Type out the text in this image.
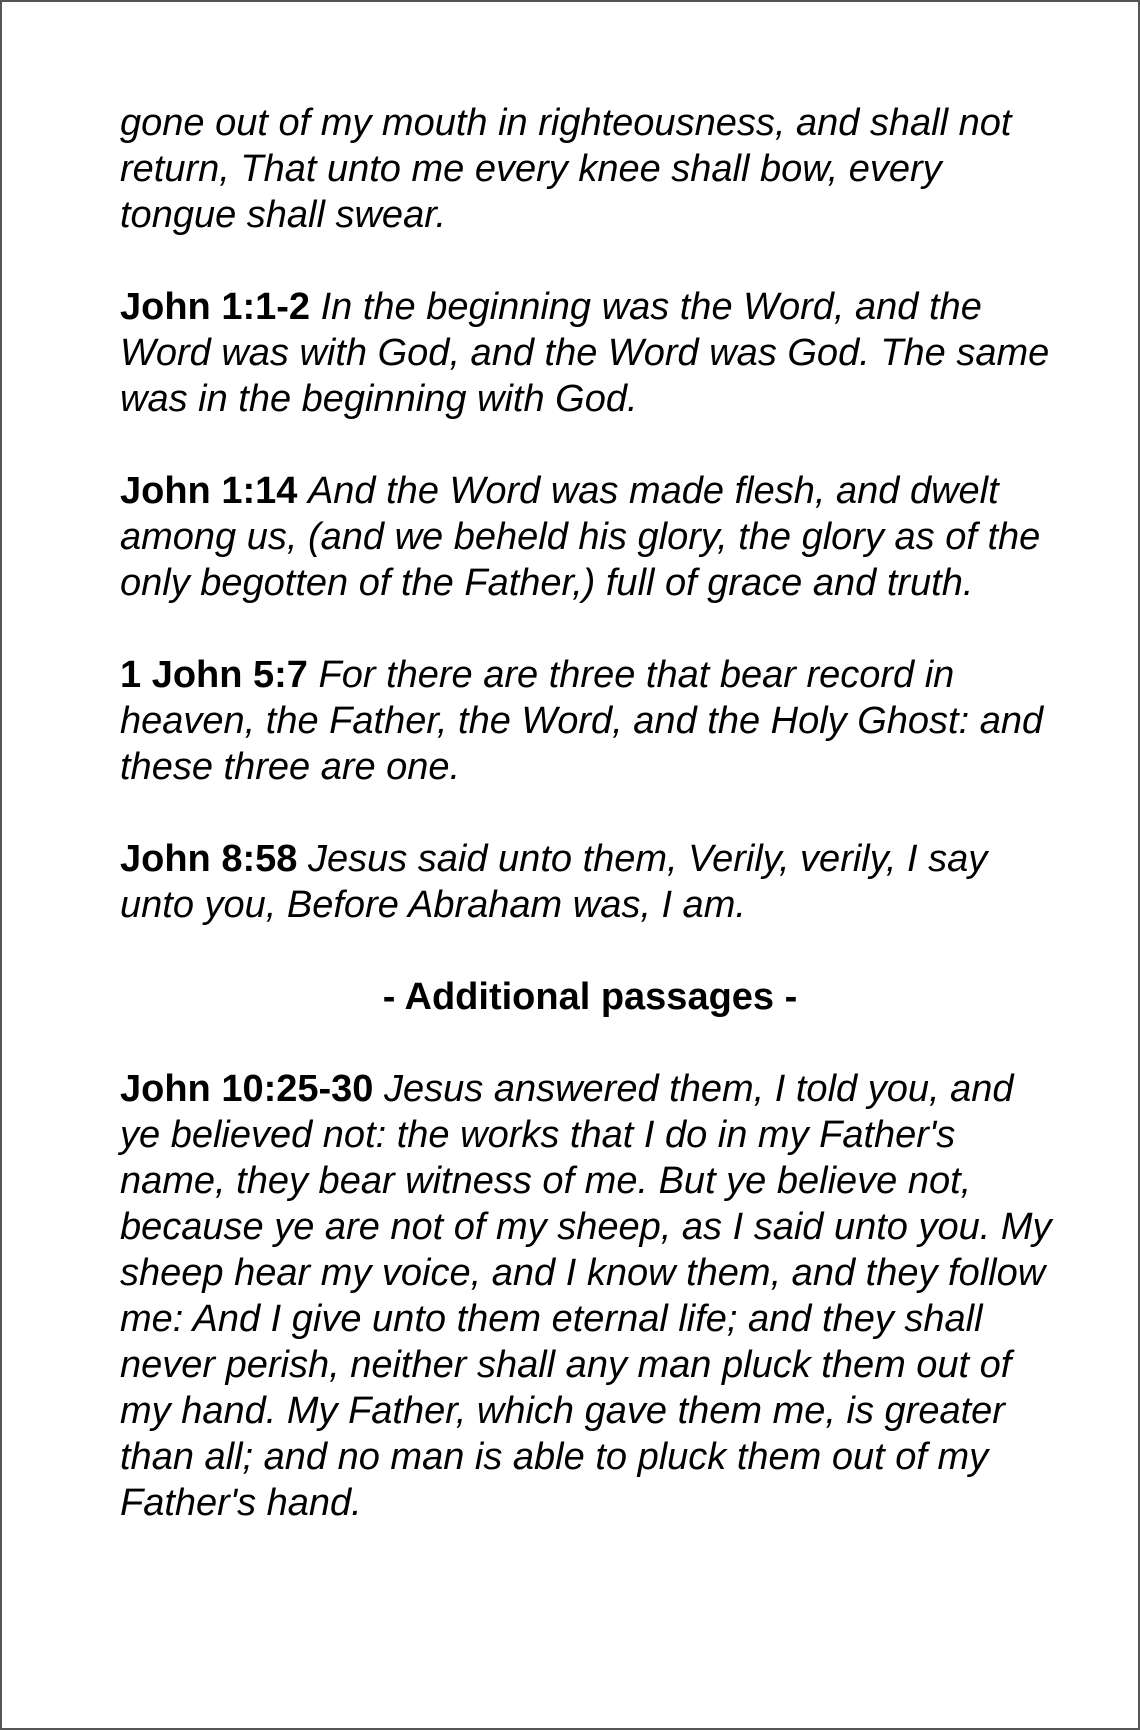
gone out of my mouth in righteousness, and shall not return, That unto me every knee shall bow, every tongue shall swear.

John 1:1-2 In the beginning was the Word, and the Word was with God, and the Word was God. The same was in the beginning with God.

John 1:14 And the Word was made flesh, and dwelt among us, (and we beheld his glory, the glory as of the only begotten of the Father,) full of grace and truth.

1 John 5:7 For there are three that bear record in heaven, the Father, the Word, and the Holy Ghost: and these three are one.

John 8:58 Jesus said unto them, Verily, verily, I say unto you, Before Abraham was, I am.

- Additional passages -

John 10:25-30 Jesus answered them, I told you, and ye believed not: the works that I do in my Father's name, they bear witness of me. But ye believe not, because ye are not of my sheep, as I said unto you. My sheep hear my voice, and I know them, and they follow me: And I give unto them eternal life; and they shall never perish, neither shall any man pluck them out of my hand. My Father, which gave them me, is greater than all; and no man is able to pluck them out of my Father's hand.
